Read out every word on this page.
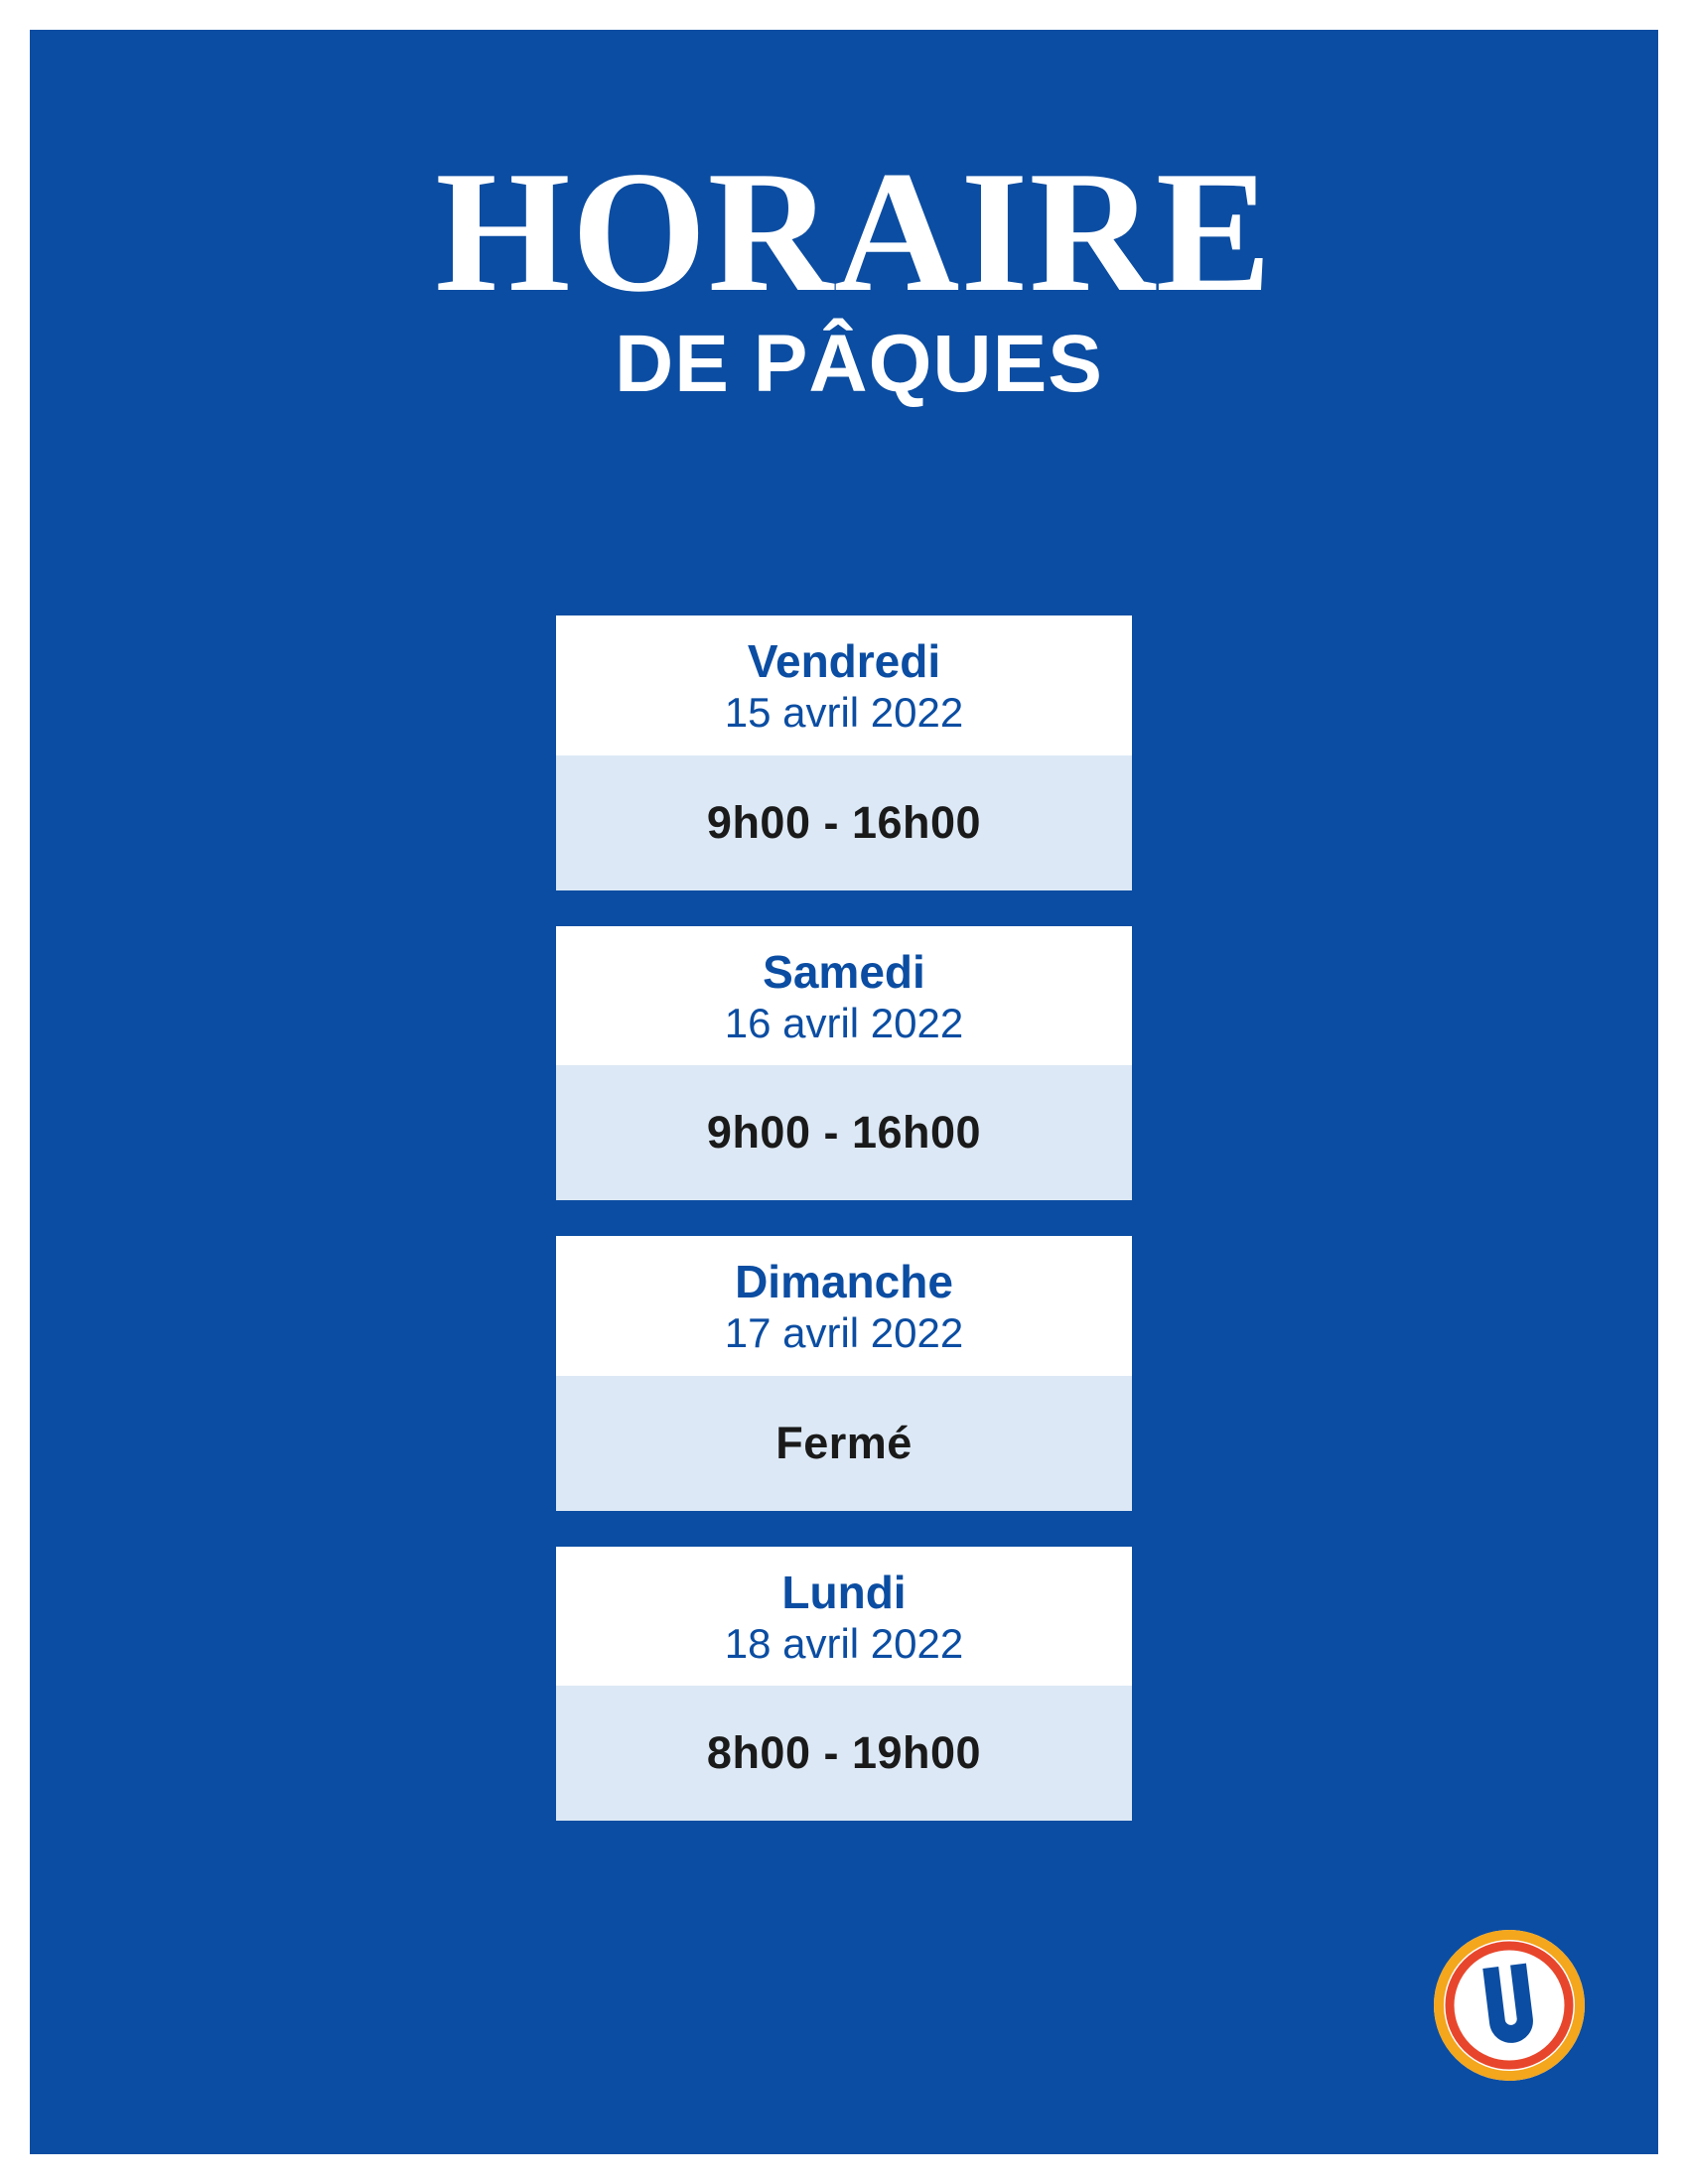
HORAIRE
DE PÂQUES
Vendredi
15 avril 2022
9h00 - 16h00
Samedi
16 avril 2022
9h00 - 16h00
Dimanche
17 avril 2022
Fermé
Lundi
18 avril 2022
8h00 - 19h00
